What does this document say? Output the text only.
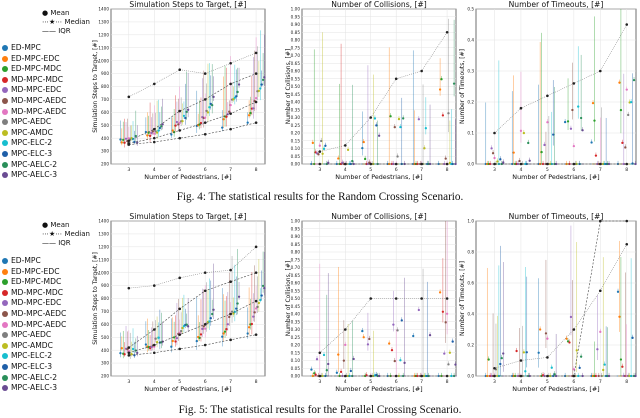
200
300
400
500
600
700
800
900
1000
1100
1200
1300
1400
3	4	5	6	7	8
Simulation Steps to Target, [#]
Number of Pedestrians, [#]
Simulation Steps to Target, [#]
0.00
0.05
0.10
0.15
0.20
0.25
0.30
0.35
0.40
0.45
0.50
0.55
0.60
0.65
0.70
0.75
0.80
0.85
0.90
0.95
1.00
3	4	5	6	7	8
Number of Collisions, [#]
Number of Pedestrians, [#]
Number of Collisions, [#]
0.0
0.1
0.2
0.3
0.4
0.5
3	4	5	6	7	8
Number of Timeouts, [#]
Number of Pedestrians, [#]
Number of Timeouts, [#]
200
300
400
500
600
700
800
900
1000
1100
1200
1300
1400
3	4	5	6	7	8
Simulation Steps to Target, [#]
Number of Pedestrians, [#]
Simulation Steps to Target, [#]
0.00
0.05
0.10
0.15
0.20
0.25
0.30
0.35
0.40
0.45
0.50
0.55
0.60
0.65
0.70
0.75
0.80
0.85
0.90
0.95
1.00
3	4	5	6	7	8
Number of Collisions, [#]
Number of Pedestrians, [#]
Number of Collisions, [#]
0.0
0.2
0.4
0.6
0.8
1.0
3	4	5	6	7	8
Number of Timeouts, [#]
Number of Pedestrians, [#]
Number of Timeouts, [#]
Fig. 4: The statistical results for the Random Crossing Scenario.
Fig. 5: The statistical results for the Parallel Crossing Scenario.
ED-MPC
ED-MPC-EDC
ED-MPC-MDC
MD-MPC-MDC
MD-MPC-EDC
MD-MPC-AEDC
MD-MPC-AEDC
MPC-AEDC
MPC-AMDC
MPC-ELC-2
MPC-ELC-3
MPC-AELC-2
MPC-AELC-3
ED-MPC
ED-MPC-EDC
ED-MPC-MDC
MD-MPC-MDC
MD-MPC-EDC
MD-MPC-AEDC
MD-MPC-AEDC
MPC-AEDC
MPC-AMDC
MPC-ELC-2
MPC-ELC-3
MPC-AELC-2
MPC-AELC-3
● Mean
⋯★⋯ Median
—— IQR
● Mean
⋯★⋯ Median
—— IQR
